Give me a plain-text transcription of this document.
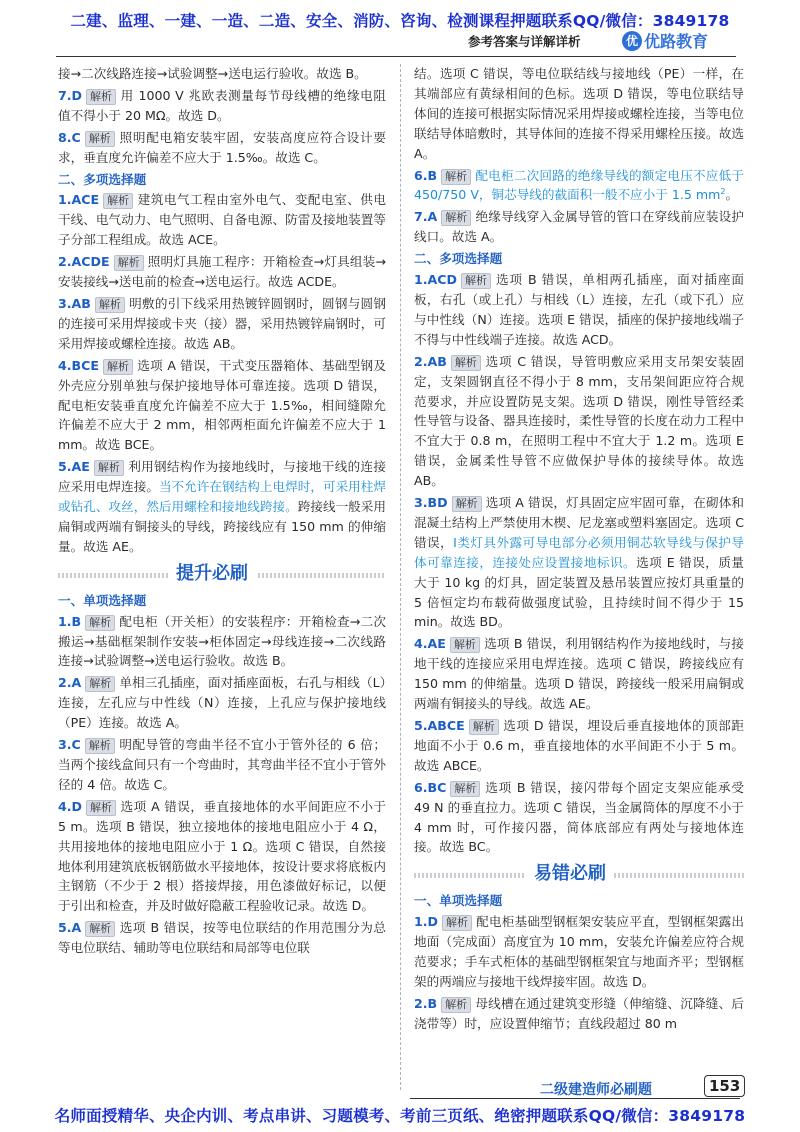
二建、监理、一建、一造、二造、安全、消防、咨询、检测课程押题联系QQ/微信：3849178
参考答案与详解详析	优 优路教育

接→二次线路连接→试验调整→送电运行验收。故选 B。

7.D 解析 用 1000 V 兆欧表测量每节母线槽的绝缘电阻值不得小于 20 MΩ。故选 D。

8.C 解析 照明配电箱安装牢固，安装高度应符合设计要求，垂直度允许偏差不应大于 1.5‰。故选 C。

二、多项选择题

1.ACE 解析 建筑电气工程由室外电气、变配电室、供电干线、电气动力、电气照明、自备电源、防雷及接地装置等子分部工程组成。故选 ACE。

2.ACDE 解析 照明灯具施工程序：开箱检查→灯具组装→安装接线→送电前的检查→送电运行。故选 ACDE。

3.AB 解析 明敷的引下线采用热镀锌圆钢时，圆钢与圆钢的连接可采用焊接或卡夹（接）器，采用热镀锌扁钢时，可采用焊接或螺栓连接。故选 AB。

4.BCE 解析 选项 A 错误，干式变压器箱体、基础型钢及外壳应分别单独与保护接地导体可靠连接。选项 D 错误，配电柜安装垂直度允许偏差不应大于 1.5‰，相间缝隙允许偏差不应大于 2 mm，相邻两柜面允许偏差不应大于 1 mm。故选 BCE。

5.AE 解析 利用钢结构作为接地线时，与接地干线的连接应采用电焊连接。当不允许在钢结构上电焊时，可采用柱焊或钻孔、攻丝，然后用螺栓和接地线跨接。跨接线一般采用扁铜或两端有铜接头的导线，跨接线应有 150 mm 的伸缩量。故选 AE。

提升必刷
一、单项选择题

1.B 解析 配电柜（开关柜）的安装程序：开箱检查→二次搬运→基础框架制作安装→柜体固定→母线连接→二次线路连接→试验调整→送电运行验收。故选 B。

2.A 解析 单相三孔插座，面对插座面板，右孔与相线（L）连接，左孔应与中性线（N）连接，上孔应与保护接地线（PE）连接。故选 A。

3.C 解析 明配导管的弯曲半径不宜小于管外径的 6 倍；当两个接线盒间只有一个弯曲时，其弯曲半径不宜小于管外径的 4 倍。故选 C。

4.D 解析 选项 A 错误，垂直接地体的水平间距应不小于 5 m。选项 B 错误，独立接地体的接地电阻应小于 4 Ω，共用接地体的接地电阻应小于 1 Ω。选项 C 错误，自然接地体利用建筑底板钢筋做水平接地体，按设计要求将底板内主钢筋（不少于 2 根）搭接焊接，用色漆做好标记，以便于引出和检查，并及时做好隐蔽工程验收记录。故选 D。

5.A 解析 选项 B 错误，按等电位联结的作用范围分为总等电位联结、辅助等电位联结和局部等电位联

结。选项 C 错误，等电位联结线与接地线（PE）一样，在其端部应有黄绿相间的色标。选项 D 错误，等电位联结导体间的连接可根据实际情况采用焊接或螺栓连接，当等电位联结导体暗敷时，其导体间的连接不得采用螺栓压接。故选 A。

6.B 解析 配电柜二次回路的绝缘导线的额定电压不应低于 450/750 V，铜芯导线的截面积一般不应小于 1.5 $mm^2$。

7.A 解析 绝缘导线穿入金属导管的管口在穿线前应装设护线口。故选 A。

二、多项选择题

1.ACD 解析 选项 B 错误，单相两孔插座，面对插座面板，右孔（或上孔）与相线（L）连接，左孔（或下孔）应与中性线（N）连接。选项 E 错误，插座的保护接地线端子不得与中性线端子连接。故选 ACD。

2.AB 解析 选项 C 错误，导管明敷应采用支吊架安装固定，支架圆钢直径不得小于 8 mm，支吊架间距应符合规范要求，并应设置防晃支架。选项 D 错误，刚性导管经柔性导管与设备、器具连接时，柔性导管的长度在动力工程中不宜大于 0.8 m，在照明工程中不宜大于 1.2 m。选项 E 错误，金属柔性导管不应做保护导体的接续导体。故选 AB。

3.BD 解析 选项 A 错误，灯具固定应牢固可靠，在砌体和混凝土结构上严禁使用木楔、尼龙塞或塑料塞固定。选项 C 错误，Ⅰ类灯具外露可导电部分必须用铜芯软导线与保护导体可靠连接，连接处应设置接地标识。选项 E 错误，质量大于 10 kg 的灯具，固定装置及悬吊装置应按灯具重量的 5 倍恒定均布载荷做强度试验，且持续时间不得少于 15 min。故选 BD。

4.AE 解析 选项 B 错误，利用钢结构作为接地线时，与接地干线的连接应采用电焊连接。选项 C 错误，跨接线应有 150 mm 的伸缩量。选项 D 错误，跨接线一般采用扁铜或两端有铜接头的导线。故选 AE。

5.ABCE 解析 选项 D 错误，埋设后垂直接地体的顶部距地面不小于 0.6 m，垂直接地体的水平间距不小于 5 m。故选 ABCE。

6.BC 解析 选项 B 错误，接闪带每个固定支架应能承受 49 N 的垂直拉力。选项 C 错误，当金属筒体的厚度不小于 4 mm 时，可作接闪器，简体底部应有两处与接地体连接。故选 BC。

易错必刷
一、单项选择题

1.D 解析 配电柜基础型钢框架安装应平直，型钢框架露出地面（完成面）高度宜为 10 mm，安装允许偏差应符合规范要求；手车式柜体的基础型钢框架宜与地面齐平；型钢框架的两端应与接地干线焊接牢固。故选 D。

2.B 解析 母线槽在通过建筑变形缝（伸缩缝、沉降缝、后浇带等）时，应设置伸缩节；直线段超过 80 m

二级建造师必刷题	153
名师面授精华、央企内训、考点串讲、习题模考、考前三页纸、绝密押题联系QQ/微信：3849178
